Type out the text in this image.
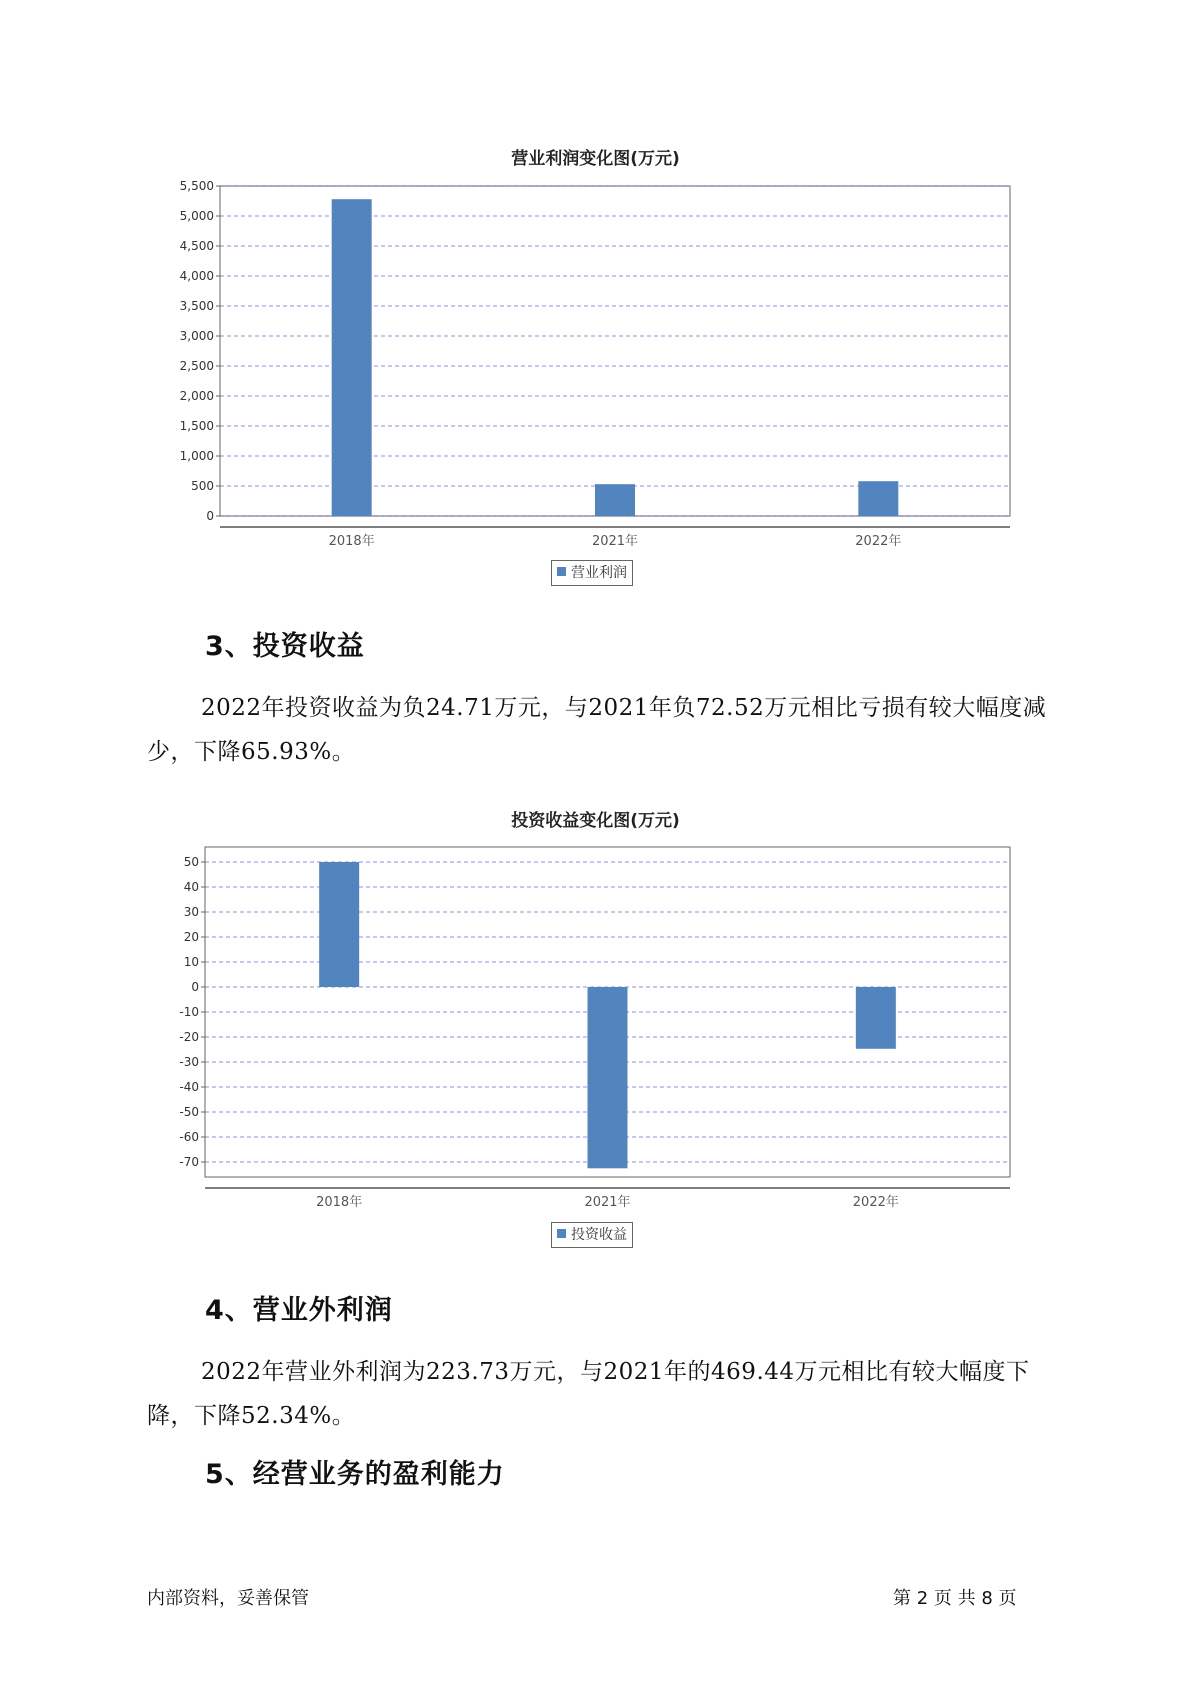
营业利润变化图(万元)
0
500
1,000
1,500
2,000
2,500
3,000
3,500
4,000
4,500
5,000
5,500
2018年	2021年	2022年
营业利润
3、投资收益
2022年投资收益为负24.71万元，与2021年负72.52万元相比亏损有较大幅度减少，下降65.93%。
投资收益变化图(万元)
-70
-60
-50
-40
-30
-20
-10
0
10
20
30
40
50
2018年	2021年	2022年
投资收益
4、营业外利润
2022年营业外利润为223.73万元，与2021年的469.44万元相比有较大幅度下降，下降52.34%。
5、经营业务的盈利能力
内部资料，妥善保管	第 2 页 共 8 页
